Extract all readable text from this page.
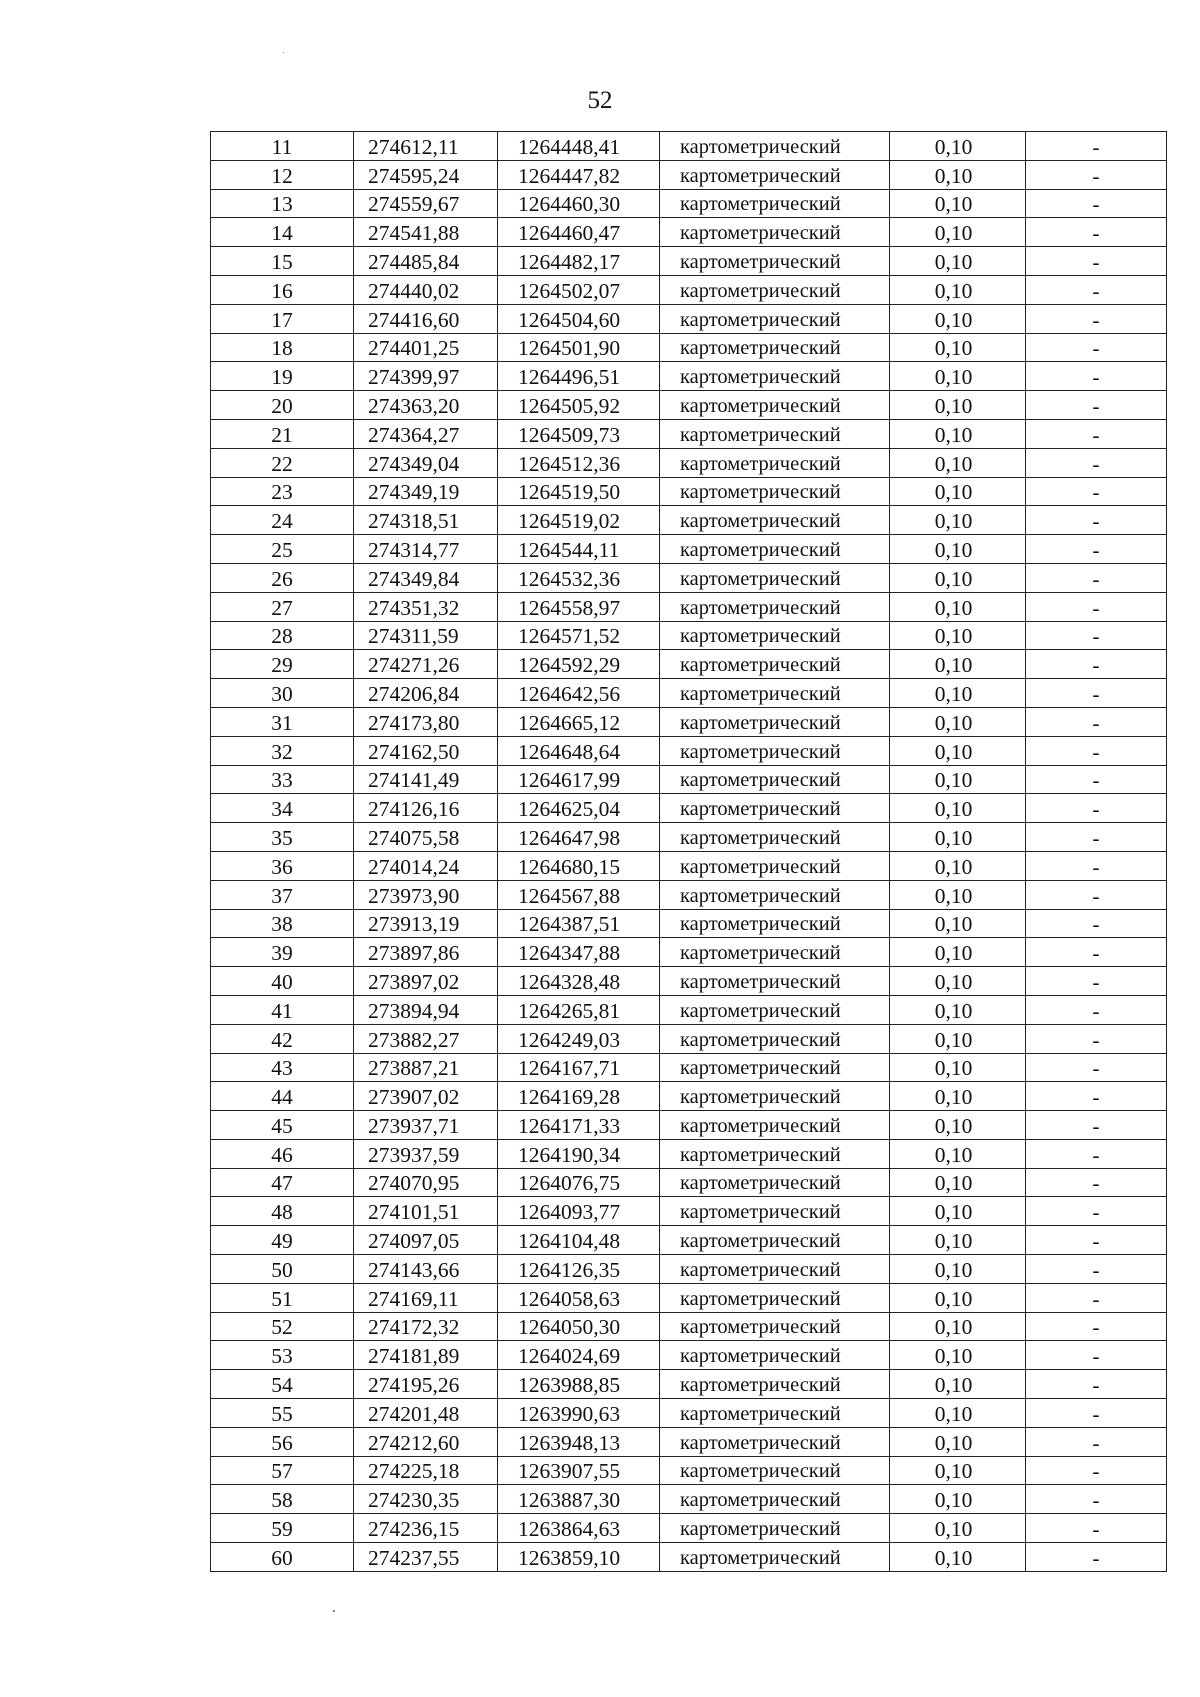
52
11	274612,11	1264448,41	картометрический	0,10	-
12	274595,24	1264447,82	картометрический	0,10	-
13	274559,67	1264460,30	картометрический	0,10	-
14	274541,88	1264460,47	картометрический	0,10	-
15	274485,84	1264482,17	картометрический	0,10	-
16	274440,02	1264502,07	картометрический	0,10	-
17	274416,60	1264504,60	картометрический	0,10	-
18	274401,25	1264501,90	картометрический	0,10	-
19	274399,97	1264496,51	картометрический	0,10	-
20	274363,20	1264505,92	картометрический	0,10	-
21	274364,27	1264509,73	картометрический	0,10	-
22	274349,04	1264512,36	картометрический	0,10	-
23	274349,19	1264519,50	картометрический	0,10	-
24	274318,51	1264519,02	картометрический	0,10	-
25	274314,77	1264544,11	картометрический	0,10	-
26	274349,84	1264532,36	картометрический	0,10	-
27	274351,32	1264558,97	картометрический	0,10	-
28	274311,59	1264571,52	картометрический	0,10	-
29	274271,26	1264592,29	картометрический	0,10	-
30	274206,84	1264642,56	картометрический	0,10	-
31	274173,80	1264665,12	картометрический	0,10	-
32	274162,50	1264648,64	картометрический	0,10	-
33	274141,49	1264617,99	картометрический	0,10	-
34	274126,16	1264625,04	картометрический	0,10	-
35	274075,58	1264647,98	картометрический	0,10	-
36	274014,24	1264680,15	картометрический	0,10	-
37	273973,90	1264567,88	картометрический	0,10	-
38	273913,19	1264387,51	картометрический	0,10	-
39	273897,86	1264347,88	картометрический	0,10	-
40	273897,02	1264328,48	картометрический	0,10	-
41	273894,94	1264265,81	картометрический	0,10	-
42	273882,27	1264249,03	картометрический	0,10	-
43	273887,21	1264167,71	картометрический	0,10	-
44	273907,02	1264169,28	картометрический	0,10	-
45	273937,71	1264171,33	картометрический	0,10	-
46	273937,59	1264190,34	картометрический	0,10	-
47	274070,95	1264076,75	картометрический	0,10	-
48	274101,51	1264093,77	картометрический	0,10	-
49	274097,05	1264104,48	картометрический	0,10	-
50	274143,66	1264126,35	картометрический	0,10	-
51	274169,11	1264058,63	картометрический	0,10	-
52	274172,32	1264050,30	картометрический	0,10	-
53	274181,89	1264024,69	картометрический	0,10	-
54	274195,26	1263988,85	картометрический	0,10	-
55	274201,48	1263990,63	картометрический	0,10	-
56	274212,60	1263948,13	картометрический	0,10	-
57	274225,18	1263907,55	картометрический	0,10	-
58	274230,35	1263887,30	картометрический	0,10	-
59	274236,15	1263864,63	картометрический	0,10	-
60	274237,55	1263859,10	картометрический	0,10	-
